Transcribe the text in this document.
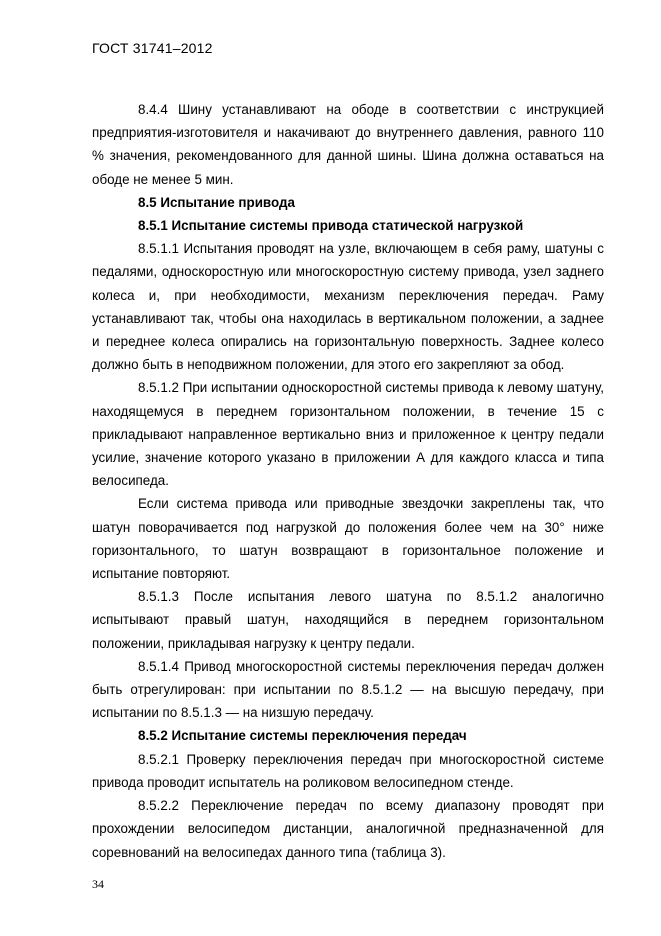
ГОСТ 31741–2012

8.4.4 Шину устанавливают на ободе в соответствии с инструкцией предприятия-изготовителя и накачивают до внутреннего давления, равного 110 % значения, рекомендованного для данной шины. Шина должна оставаться на ободе не менее 5 мин.

8.5 Испытание привода

8.5.1 Испытание системы привода статической нагрузкой

8.5.1.1 Испытания проводят на узле, включающем в себя раму, шатуны с педалями, односкоростную или многоскоростную систему привода, узел заднего колеса и, при необходимости, механизм переключения передач. Раму устанавливают так, чтобы она находилась в вертикальном положении, а заднее и переднее колеса опирались на горизонтальную поверхность. Заднее колесо должно быть в неподвижном положении, для этого его закрепляют за обод.

8.5.1.2 При испытании односкоростной системы привода к левому шатуну, находящемуся в переднем горизонтальном положении, в течение 15 с прикладывают направленное вертикально вниз и приложенное к центру педали усилие, значение которого указано в приложении А для каждого класса и типа велосипеда.

Если система привода или приводные звездочки закреплены так, что шатун поворачивается под нагрузкой до положения более чем на 30° ниже горизонтального, то шатун возвращают в горизонтальное положение и испытание повторяют.

8.5.1.3 После испытания левого шатуна по 8.5.1.2 аналогично испытывают правый шатун, находящийся в переднем горизонтальном положении, прикладывая нагрузку к центру педали.

8.5.1.4 Привод многоскоростной системы переключения передач должен быть отрегулирован: при испытании по 8.5.1.2 — на высшую передачу, при испытании по 8.5.1.3 — на низшую передачу.

8.5.2 Испытание системы переключения передач

8.5.2.1 Проверку переключения передач при многоскоростной системе привода проводит испытатель на роликовом велосипедном стенде.

8.5.2.2 Переключение передач по всему диапазону проводят при прохождении велосипедом дистанции, аналогичной предназначенной для соревнований на велосипедах данного типа (таблица 3).

34
